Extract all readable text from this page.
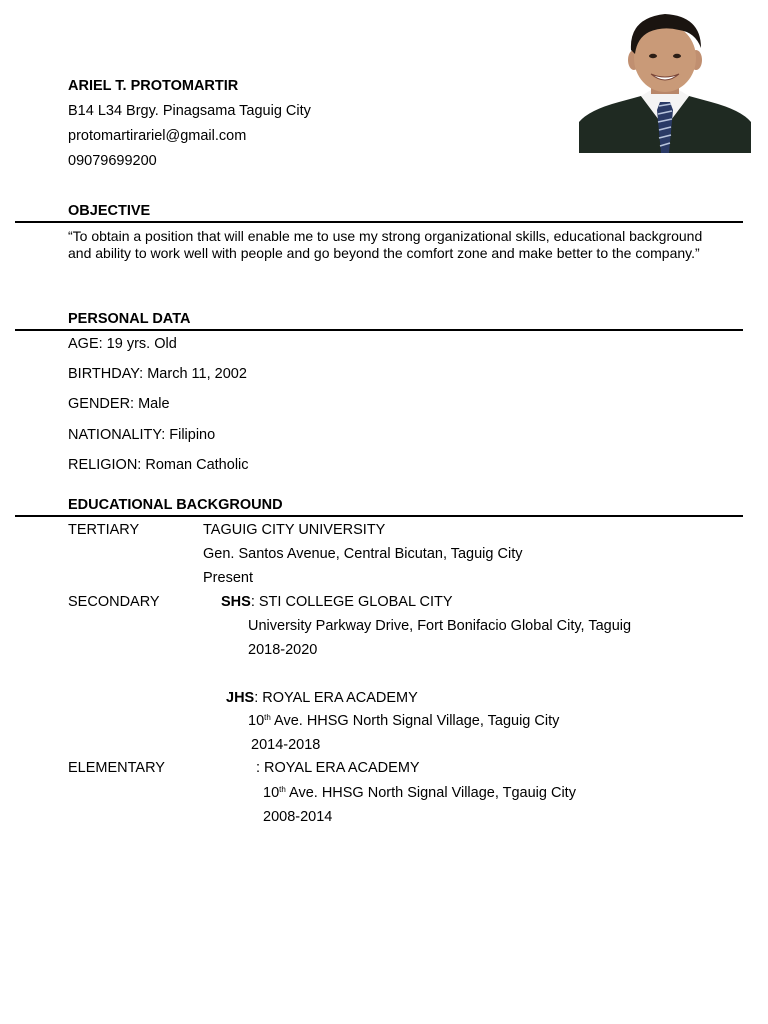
ARIEL T. PROTOMARTIR
B14 L34 Brgy. Pinagsama Taguig City
protomartirariel@gmail.com
09079699200
OBJECTIVE
“To obtain a position that will enable me to use my strong organizational skills, educational background and ability to work well with people and go beyond the comfort zone and make better to the company.”
PERSONAL DATA
AGE: 19 yrs. Old
BIRTHDAY: March 11, 2002
GENDER: Male
NATIONALITY: Filipino
RELIGION: Roman Catholic
EDUCATIONAL BACKGROUND
TERTIARY	TAGUIG CITY UNIVERSITY
Gen. Santos Avenue, Central Bicutan, Taguig City
Present
SECONDARY	SHS: STI COLLEGE GLOBAL CITY
University Parkway Drive, Fort Bonifacio Global City, Taguig
2018-2020
JHS: ROYAL ERA ACADEMY
10th Ave. HHSG North Signal Village, Taguig City
2014-2018
ELEMENTARY	: ROYAL ERA ACADEMY
10th Ave. HHSG North Signal Village, Tgauig City
2008-2014
